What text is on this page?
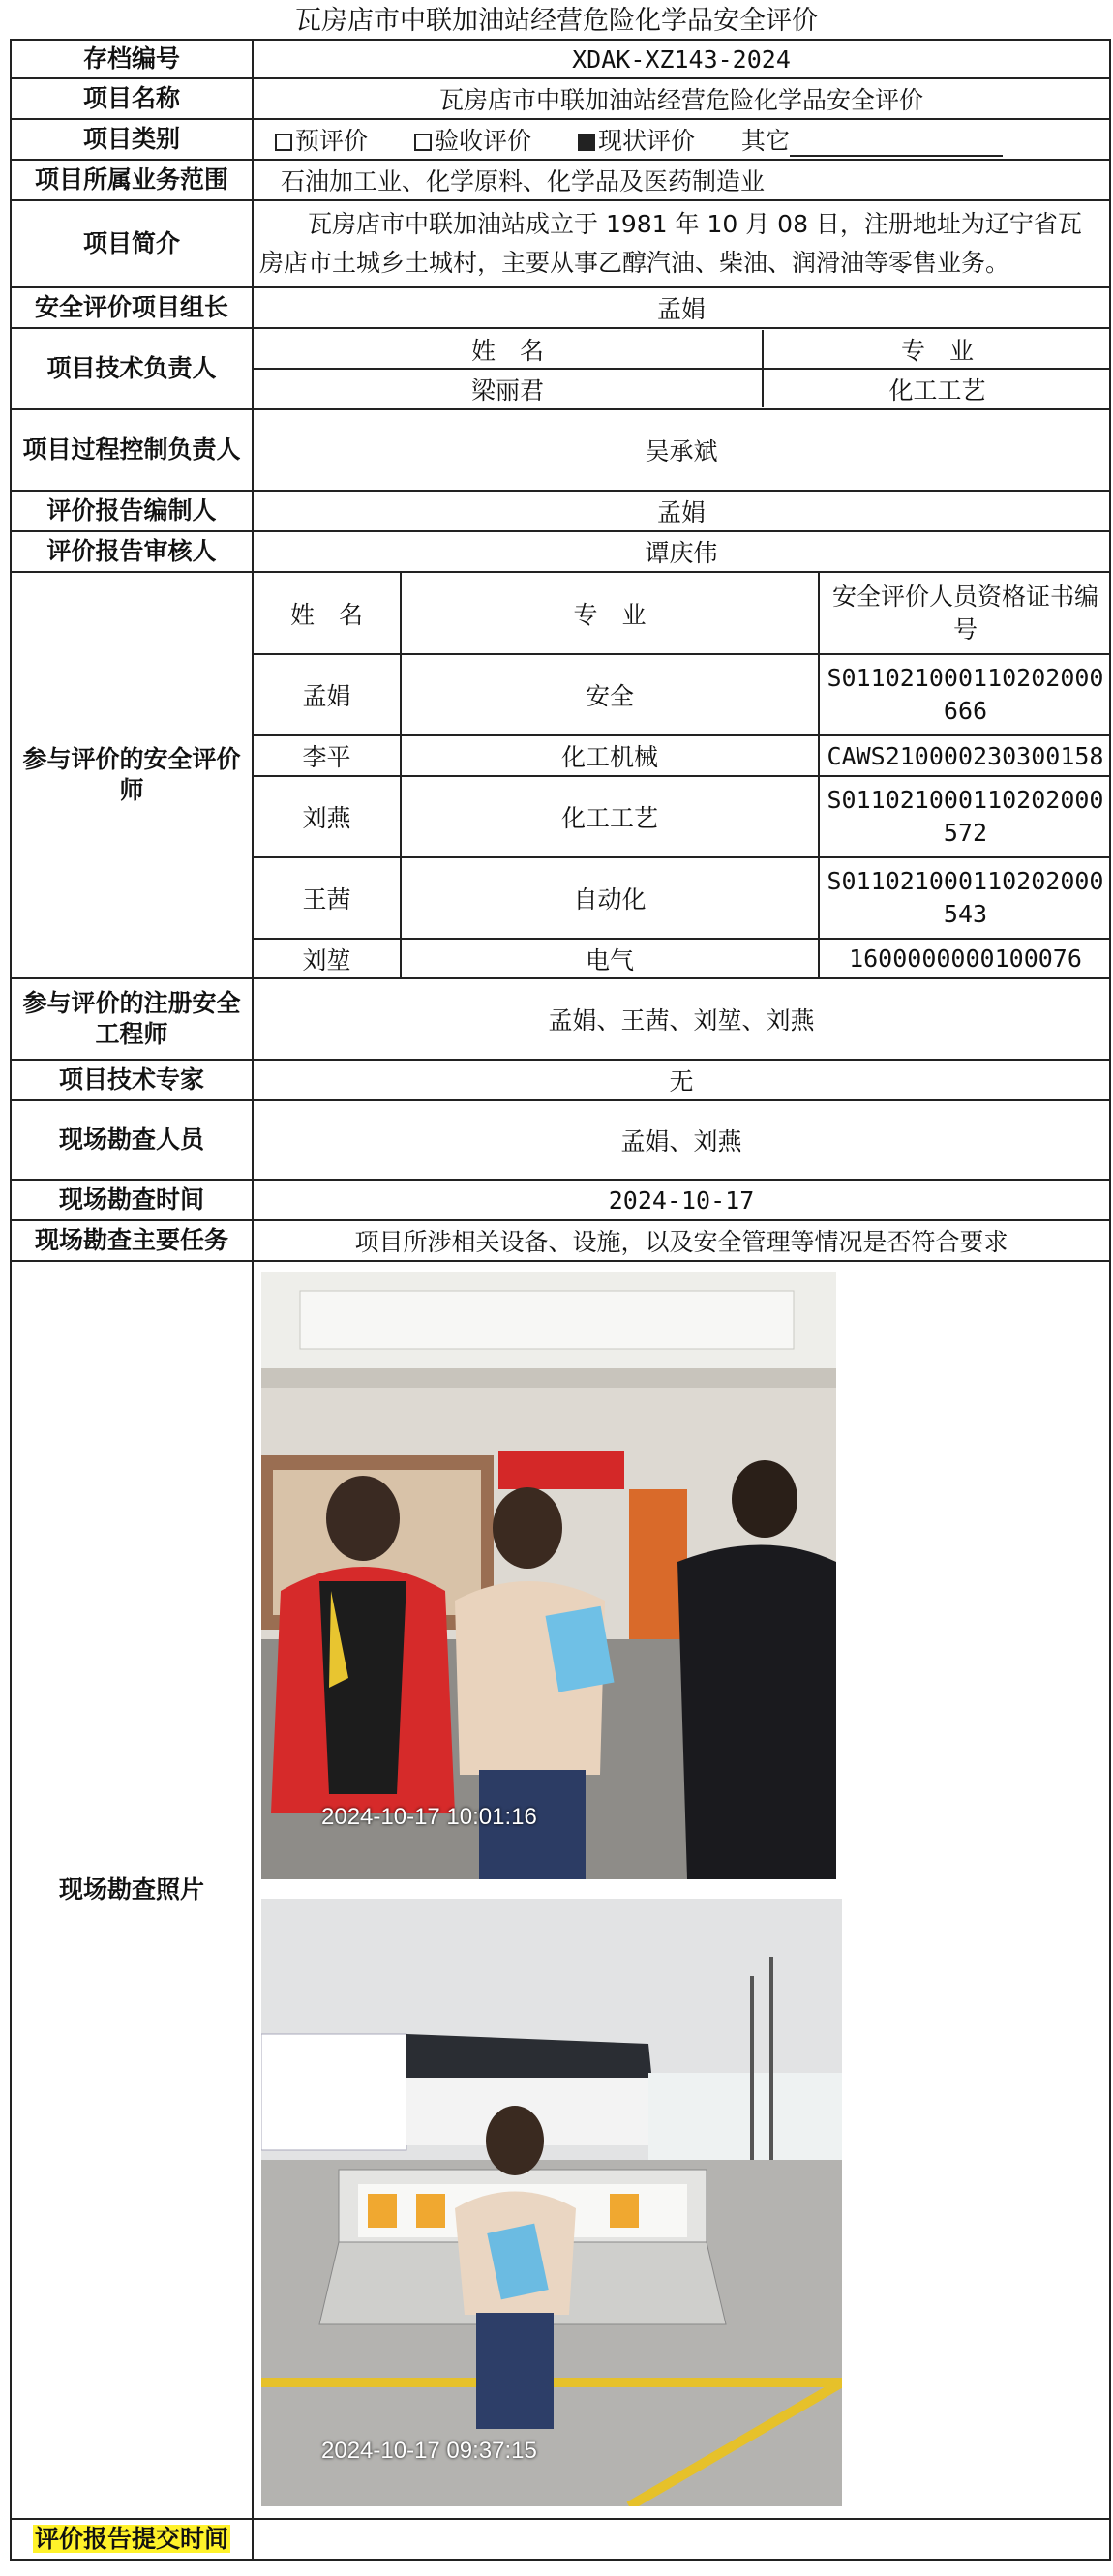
瓦房店市中联加油站经营危险化学品安全评价
存档编号	XDAK-XZ143-2024
项目名称	瓦房店市中联加油站经营危险化学品安全评价
项目类别	预评价	验收评价	现状评价 其它
项目所属业务范围	石油加工业、化学原料、化学品及医药制造业
项目简介	瓦房店市中联加油站成立于 1981 年 10 月 08 日，注册地址为辽宁省瓦房店市土城乡土城村，主要从事乙醇汽油、柴油、润滑油等零售业务。
安全评价项目组长	孟娟
项目技术负责人	
姓　名	专　业
梁丽君	化工工艺

项目过程控制负责人	吴承斌
评价报告编制人	孟娟
评价报告审核人	谭庆伟
参与评价的安全评价师	
姓　名	专　业	安全评价人员资格证书编号
孟娟	安全	S011021000110202000666
李平	化工机械	CAWS210000230300158
刘燕	化工工艺	S011021000110202000572
王茜	自动化	S011021000110202000543
刘堃	电气	1600000000100076

参与评价的注册安全工程师	孟娟、王茜、刘堃、刘燕
项目技术专家	无
现场勘查人员	孟娟、刘燕
现场勘查时间	2024-10-17
现场勘查主要任务	项目所涉相关设备、设施，以及安全管理等情况是否符合要求
现场勘查照片	
2024-10-17 10:01:16
2024-10-17 09:37:15

评价报告提交时间	
